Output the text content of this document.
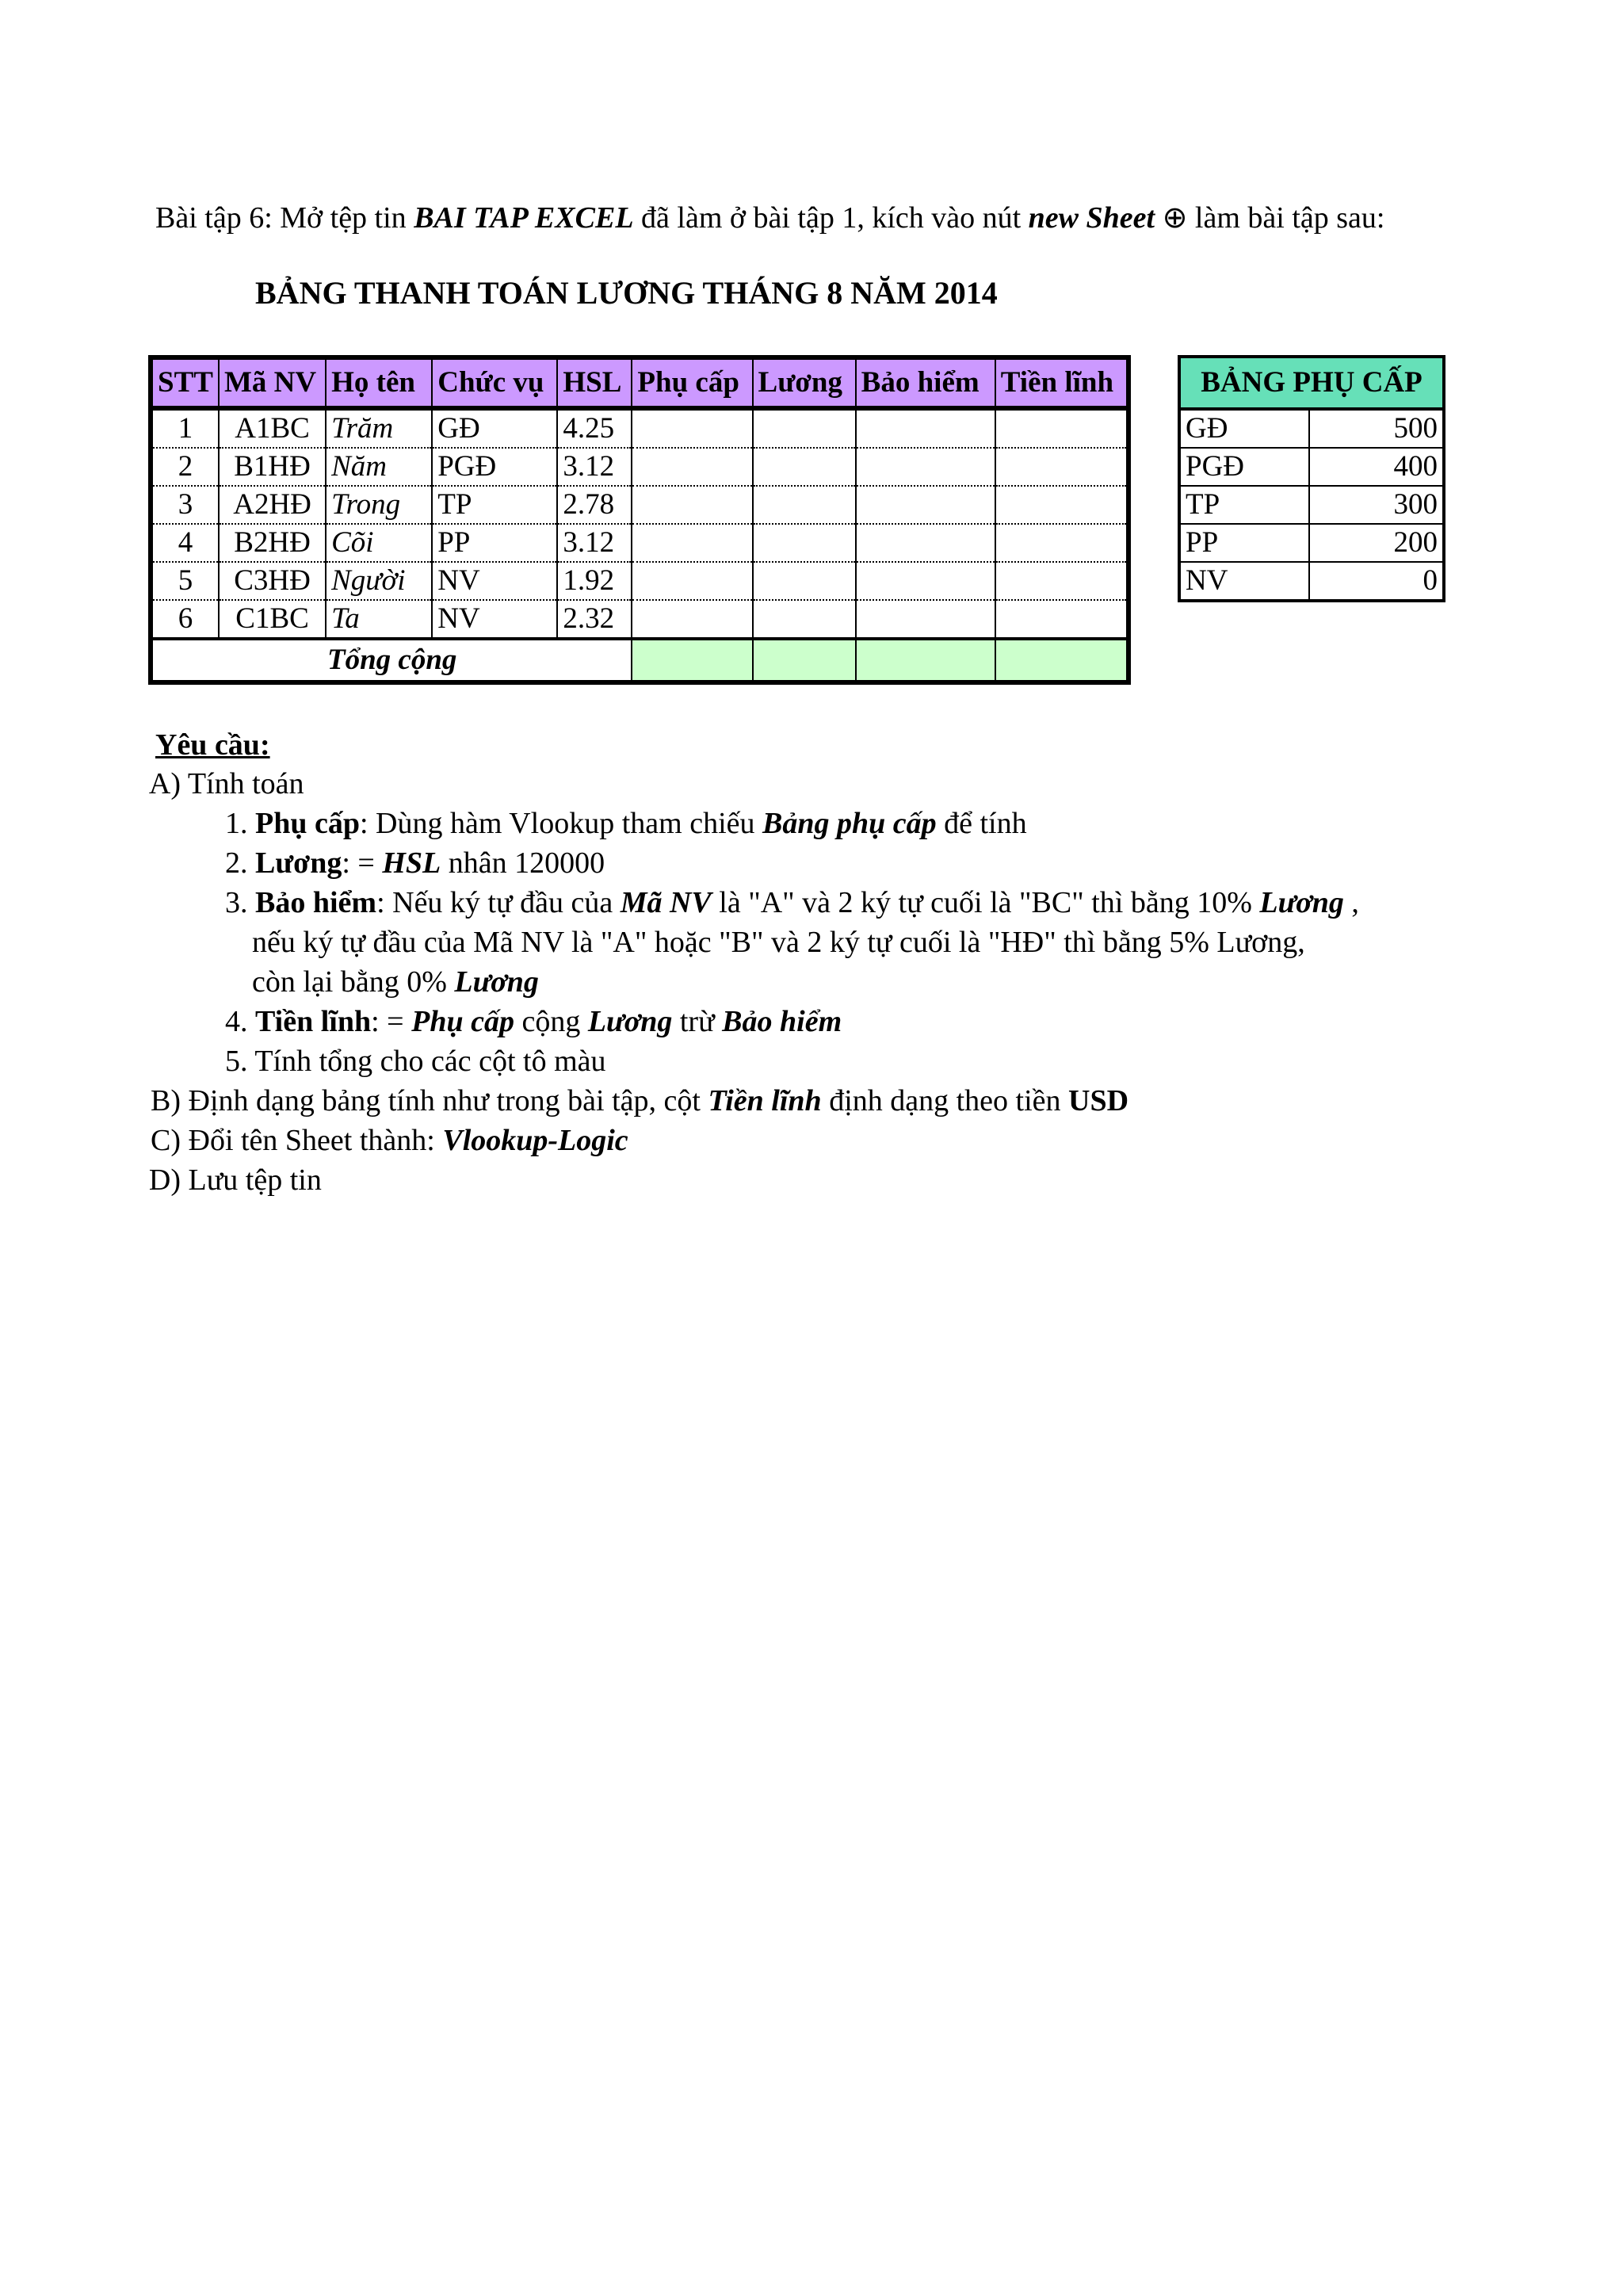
Bài tập 6: Mở tệp tin BAI TAP EXCEL đã làm ở bài tập 1, kích vào nút new Sheet ⊕ làm bài tập sau:
BẢNG THANH TOÁN LƯƠNG THÁNG 8 NĂM 2014
STT	Mã NV	Họ tên	Chức vụ	HSL	Phụ cấp	Lương	Bảo hiểm	Tiền lĩnh
1	A1BC	Trăm	GĐ	4.25				
2	B1HĐ	Năm	PGĐ	3.12				
3	A2HĐ	Trong	TP	2.78				
4	B2HĐ	Cõi	PP	3.12				
5	C3HĐ	Người	NV	1.92				
6	C1BC	Ta	NV	2.32				
Tổng cộng								
BẢNG PHỤ CẤP	
GĐ	500
PGĐ	400
TP	300
PP	200
NV	0
Yêu cầu:
A) Tính toán
1. Phụ cấp: Dùng hàm Vlookup tham chiếu Bảng phụ cấp để tính
2. Lương: = HSL nhân 120000
3. Bảo hiểm: Nếu ký tự đầu của Mã NV là "A" và 2 ký tự cuối là "BC" thì bằng 10% Lương ,
nếu ký tự đầu của Mã NV là "A" hoặc "B" và 2 ký tự cuối là "HĐ" thì bằng 5% Lương,
còn lại bằng 0% Lương
4. Tiền lĩnh: = Phụ cấp cộng Lương trừ Bảo hiểm
5. Tính tổng cho các cột tô màu
B) Định dạng bảng tính như trong bài tập, cột Tiền lĩnh định dạng theo tiền USD
C) Đổi tên Sheet thành: Vlookup-Logic
D) Lưu tệp tin
